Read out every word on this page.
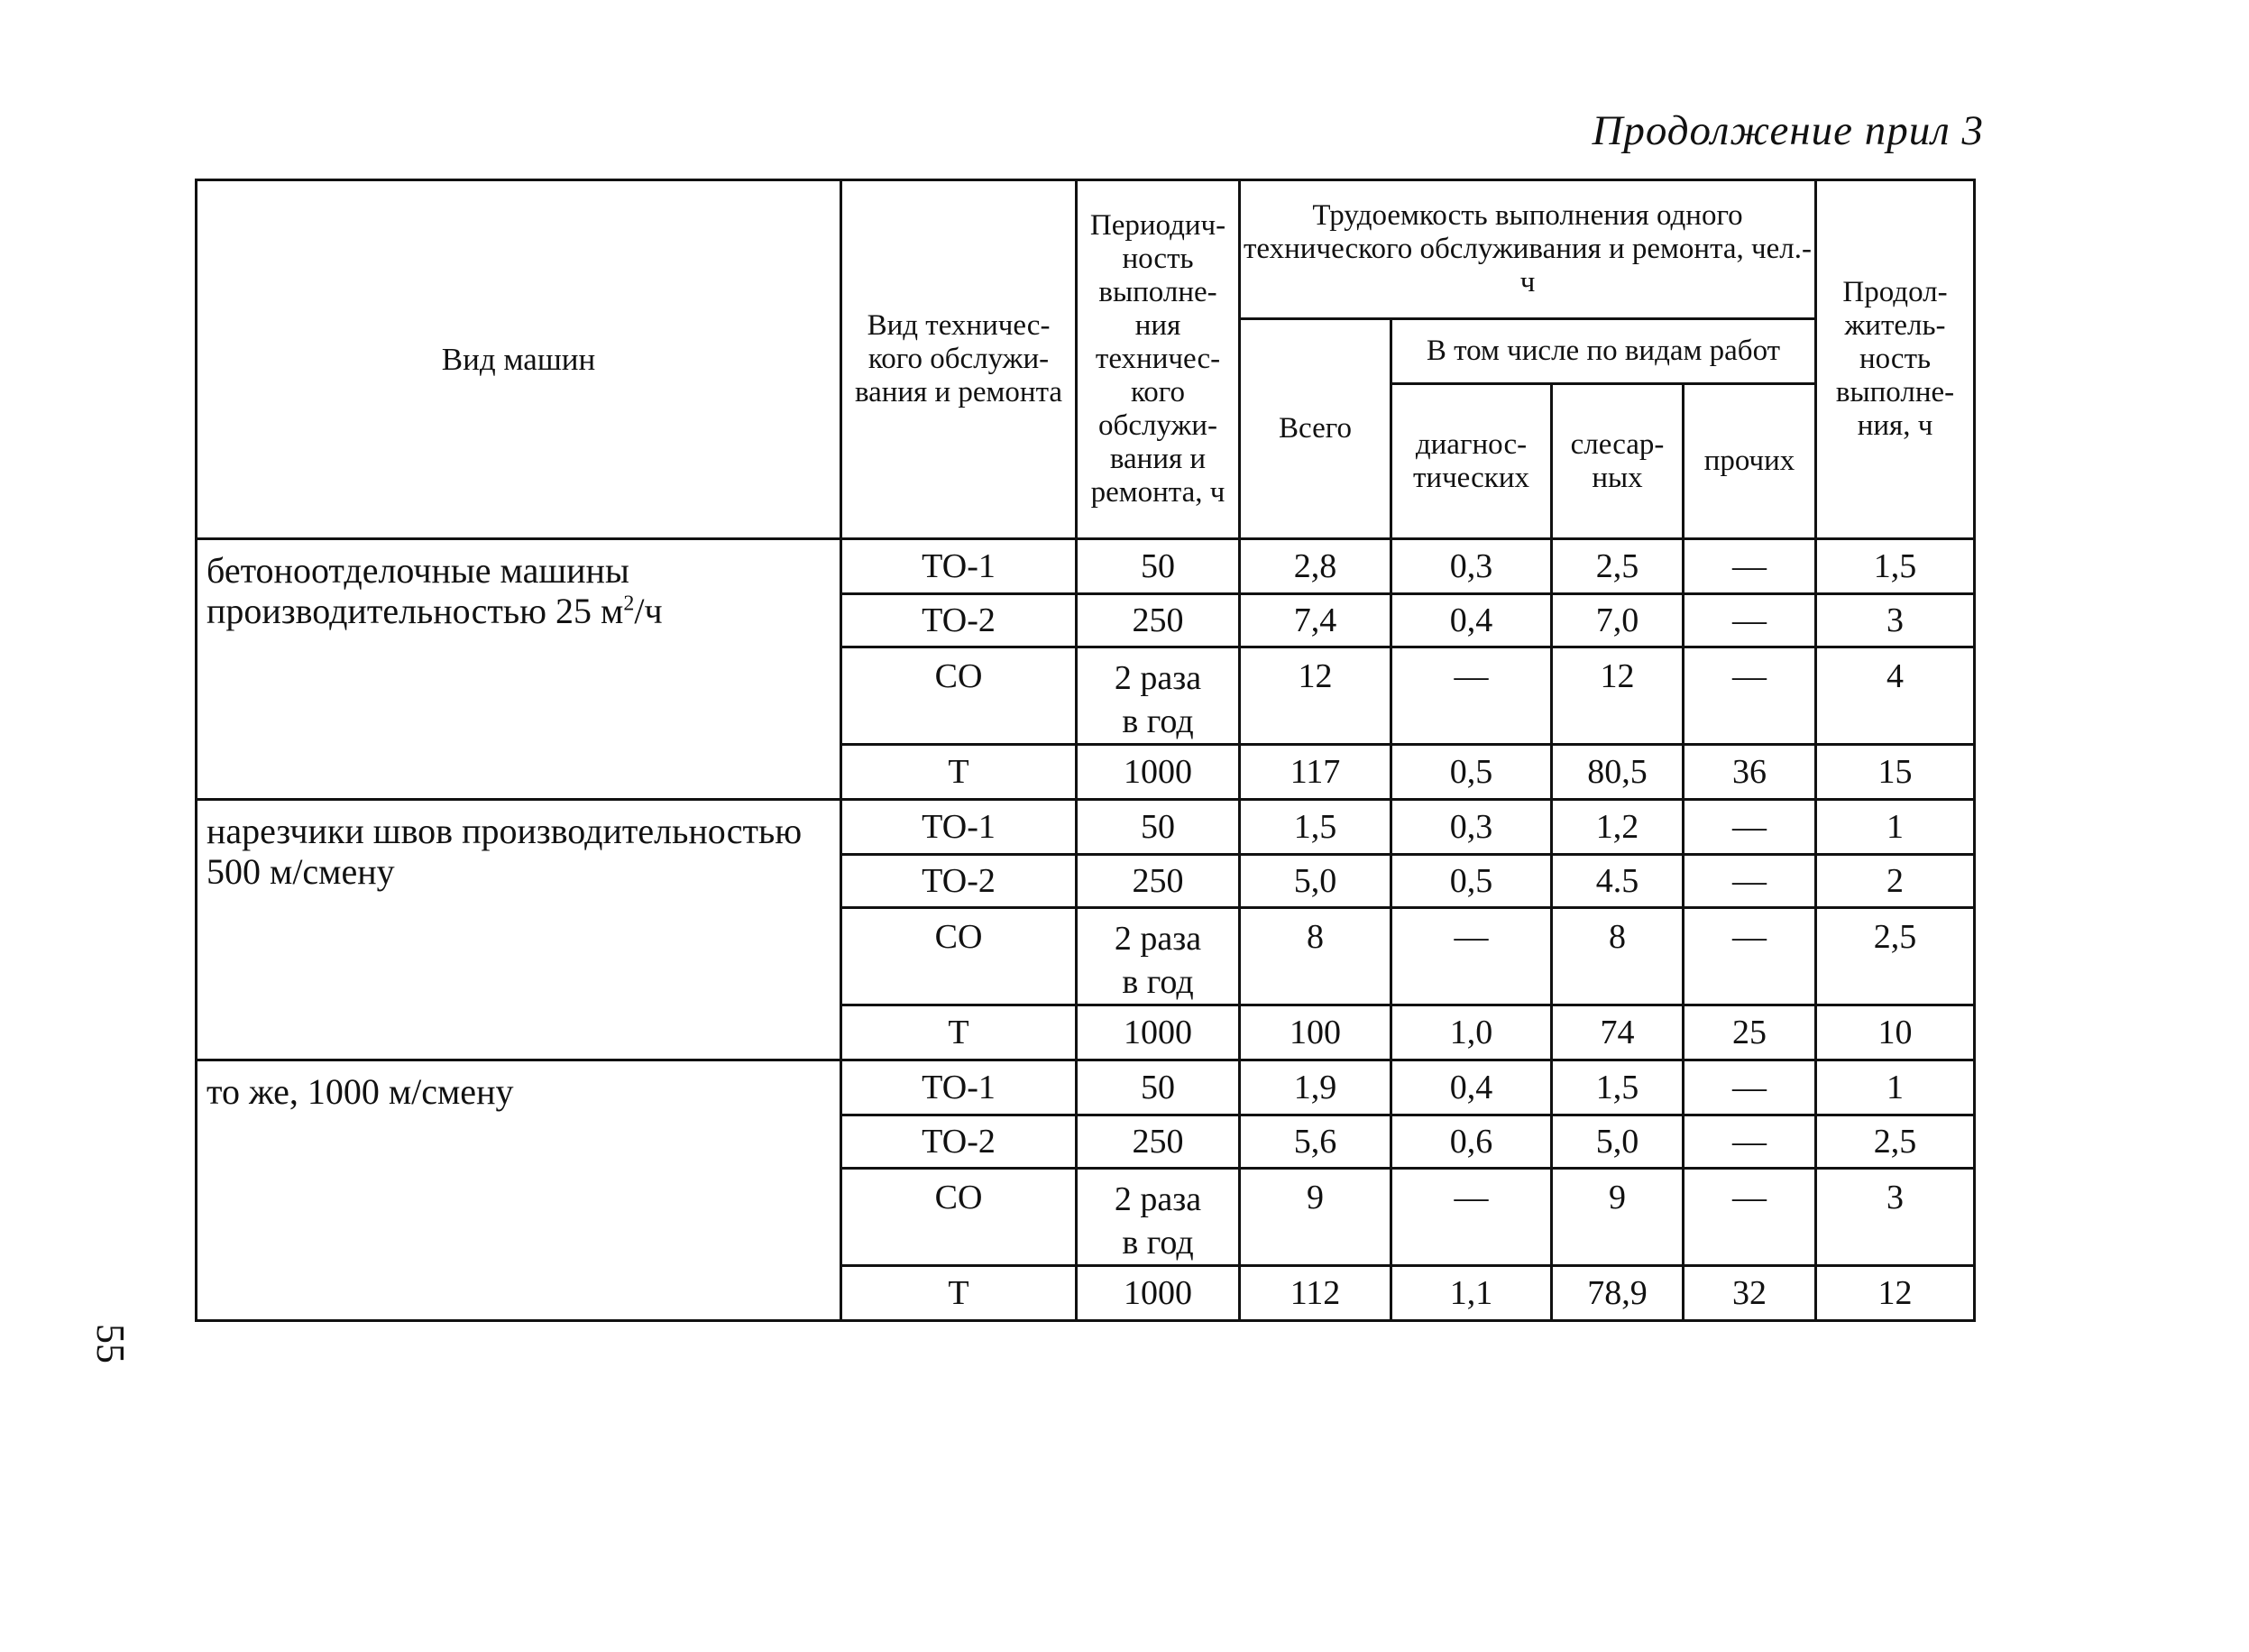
Продолжение прил 3
55
Вид машин	Вид техничес-кого обслужи-вания и ремонта	Периодич-ность выполне-ния техничес-кого обслужи-вания и ремонта, ч	Трудоемкость выполнения одного технического обслуживания и ремонта, чел.-ч				Продол-житель-ность выполне-ния, ч
			Всего	В том числе по видам работ			
				диагнос-тических	слесар-ных	прочих	
бетоноотделочные машины производительностью 25 $м^2/ч$	ТО-1	50	2,8	0,3	2,5	—	1,5
	ТО-2	250	7,4	0,4	7,0	—	3
	СО	2 раза в год	12	—	12	—	4
	Т	1000	117	0,5	80,5	36	15
нарезчики швов производительностью 500 м/смену	ТО-1	50	1,5	0,3	1,2	—	1
	ТО-2	250	5,0	0,5	4.5	—	2
	СО	2 раза в год	8	—	8	—	2,5
	Т	1000	100	1,0	74	25	10
то же, 1000 м/смену	ТО-1	50	1,9	0,4	1,5	—	1
	ТО-2	250	5,6	0,6	5,0	—	2,5
	СО	2 раза в год	9	—	9	—	3
	Т	1000	112	1,1	78,9	32	12
